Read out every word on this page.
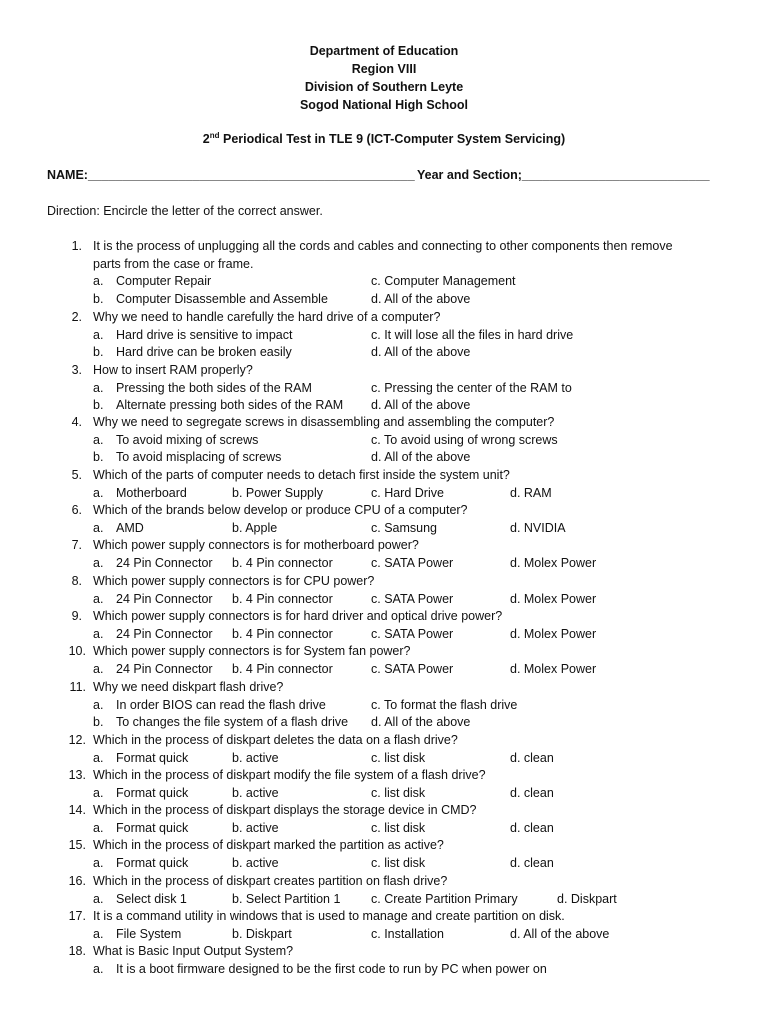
Department of Education
Region VIII
Division of Southern Leyte
Sogod National High School
2nd Periodical Test in TLE 9 (ICT-Computer System Servicing)
NAME:_______________________________________________ Year and Section;___________________________
Direction: Encircle the letter of the correct answer.
1. It is the process of unplugging all the cords and cables and connecting to other components then remove
parts from the case or frame.
a. Computer Repair	c. Computer Management
b. Computer Disassemble and Assemble	d. All of the above
2. Why we need to handle carefully the hard drive of a computer?
a. Hard drive is sensitive to impact	c. It will lose all the files in hard drive
b. Hard drive can be broken easily	d. All of the above
3. How to insert RAM properly?
a. Pressing the both sides of the RAM	c. Pressing the center of the RAM to
b. Alternate pressing both sides of the RAM d. All of the above
4. Why we need to segregate screws in disassembling and assembling the computer?
a. To avoid mixing of screws	c. To avoid using of wrong screws
b. To avoid misplacing of screws	d. All of the above
5. Which of the parts of computer needs to detach first inside the system unit?
a. Motherboard	b. Power Supply	c. Hard Drive	d. RAM
6. Which of the brands below develop or produce CPU of a computer?
a. AMD	b. Apple	c. Samsung	d. NVIDIA
7. Which power supply connectors is for motherboard power?
a. 24 Pin Connector b. 4 Pin connector	c. SATA Power	d. Molex Power
8. Which power supply connectors is for CPU power?
a. 24 Pin Connector b. 4 Pin connector	c. SATA Power	d. Molex Power
9. Which power supply connectors is for hard driver and optical drive power?
a. 24 Pin Connector b. 4 Pin connector	c. SATA Power	d. Molex Power
10. Which power supply connectors is for System fan power?
a. 24 Pin Connector b. 4 Pin connector	c. SATA Power	d. Molex Power
11. Why we need diskpart flash drive?
a. In order BIOS can read the flash drive	c. To format the flash drive
b. To changes the file system of a flash drive d. All of the above
12. Which in the process of diskpart deletes the data on a flash drive?
a. Format quick	b. active	c. list disk	d. clean
13. Which in the process of diskpart modify the file system of a flash drive?
a. Format quick	b. active	c. list disk	d. clean
14. Which in the process of diskpart displays the storage device in CMD?
a. Format quick	b. active	c. list disk	d. clean
15. Which in the process of diskpart marked the partition as active?
a. Format quick	b. active	c. list disk	d. clean
16. Which in the process of diskpart creates partition on flash drive?
a. Select disk 1	b. Select Partition 1 c. Create Partition Primary	d. Diskpart
17. It is a command utility in windows that is used to manage and create partition on disk.
a. File System	b. Diskpart	c. Installation	d. All of the above
18. What is Basic Input Output System?
a. It is a boot firmware designed to be the first code to run by PC when power on
